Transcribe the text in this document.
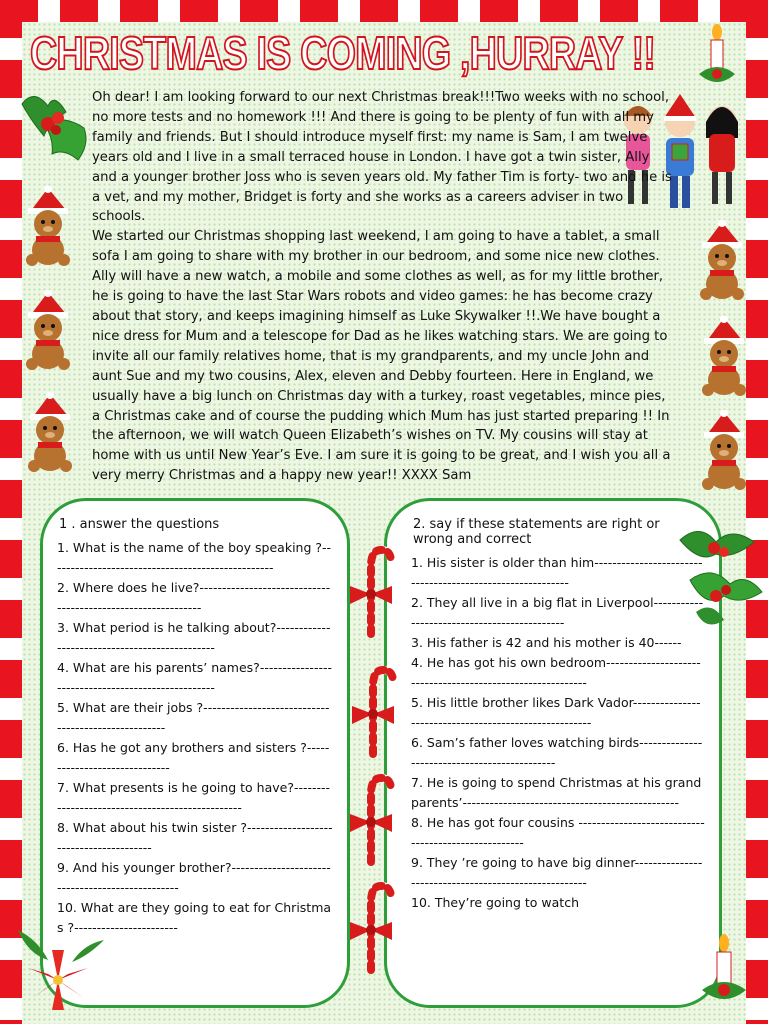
CHRISTMAS IS COMING ,HURRAY !!

Oh dear! I am looking forward to our next Christmas break!!!Two weeks with no school, no more tests and no homework !!! And there is going to be plenty of fun with all my family and friends. But I should introduce myself first: my name is Sam, I am twelve years old and I live in a small terraced house in London. I have got a twin sister, Ally and a younger brother Joss who is seven years old. My father Tim is forty- two and he is a vet, and my mother, Bridget is forty and she works as a careers adviser in two schools.

We started our Christmas shopping last weekend, I am going to have a tablet, a small sofa I am going to share with my brother in our bedroom, and some nice new clothes. Ally will have a new watch, a mobile and some clothes as well, as for my little brother, he is going to have the last Star Wars robots and video games: he has become crazy about that story, and keeps imagining himself as Luke Skywalker !!.We have bought a nice dress for Mum and a telescope for Dad as he likes watching stars. We are going to invite all our family relatives home, that is my grandparents, and my uncle John and aunt Sue and my two cousins, Alex, eleven and Debby fourteen. Here in England, we usually have a big lunch on Christmas day with a turkey, roast vegetables, mince pies, a Christmas cake and of course the pudding which Mum has just started preparing !! In the afternoon, we will watch Queen Elizabeth’s wishes on TV. My cousins will stay at home with us until New Year’s Eve. I am sure it is going to be great, and I wish you all a very merry Christmas and a happy new year!! XXXX Sam

1 . answer the questions
1. What is the name of the boy speaking ?--------------------------------------------------
2. Where does he live?-------------------------------------------------------------
3. What period is he talking about?-----------------------------------------------
4. What are his parents’ names?---------------------------------------------------
5. What are their jobs ?----------------------------------------------------
6. Has he got any brothers and sisters ?------------------------------
7. What presents is he going to have?-------------------------------------------------
8. What about his twin sister ?----------------------------------------
9. And his younger brother?-------------------------------------------------
10. What are they going to eat for Christmas ?-----------------------
2. say if these statements are right or wrong and correct
1. His sister is older than him-----------------------------------------------------------
2. They all live in a big flat in Liverpool---------------------------------------------
3. His father is 42 and his mother is 40------
4. He has got his own bedroom------------------------------------------------------------
5. His little brother likes Dark Vador-------------------------------------------------------
6. Sam’s father loves watching birds----------------------------------------------
7. He is going to spend Christmas at his grandparents’------------------------------------------------
8. He has got four cousins -----------------------------------------------------
9. They ’re going to have big dinner------------------------------------------------------
10. They’re going to watch
